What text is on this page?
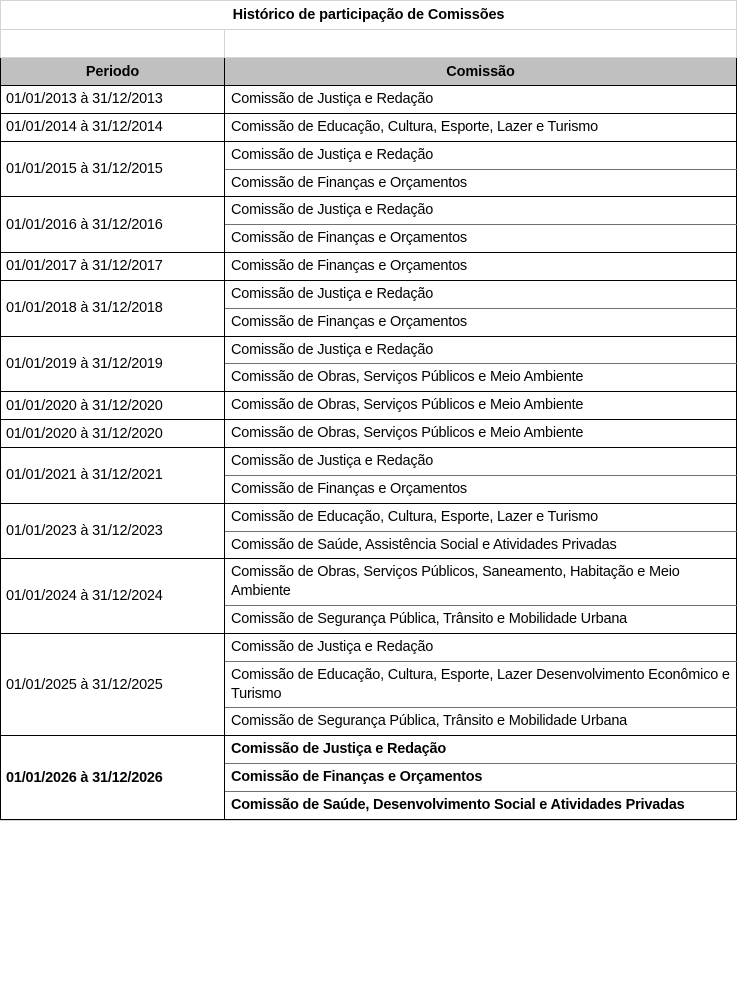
Histórico de participação de Comissões	

Periodo	Comissão
01/01/2013 à 31/12/2013	Comissão de Justiça e Redação
01/01/2014 à 31/12/2014	Comissão de Educação, Cultura, Esporte, Lazer e Turismo
01/01/2015 à 31/12/2015	Comissão de Justiça e Redação
	Comissão de Finanças e Orçamentos
01/01/2016 à 31/12/2016	Comissão de Justiça e Redação
	Comissão de Finanças e Orçamentos
01/01/2017 à 31/12/2017	Comissão de Finanças e Orçamentos
01/01/2018 à 31/12/2018	Comissão de Justiça e Redação
	Comissão de Finanças e Orçamentos
01/01/2019 à 31/12/2019	Comissão de Justiça e Redação
	Comissão de Obras, Serviços Públicos e Meio Ambiente
01/01/2020 à 31/12/2020	Comissão de Obras, Serviços Públicos e Meio Ambiente
01/01/2020 à 31/12/2020	Comissão de Obras, Serviços Públicos e Meio Ambiente
01/01/2021 à 31/12/2021	Comissão de Justiça e Redação
	Comissão de Finanças e Orçamentos
01/01/2023 à 31/12/2023	Comissão de Educação, Cultura, Esporte, Lazer e Turismo
	Comissão de Saúde, Assistência Social e Atividades Privadas
01/01/2024 à 31/12/2024	Comissão de Obras, Serviços Públicos, Saneamento, Habitação e Meio Ambiente
	Comissão de Segurança Pública, Trânsito e Mobilidade Urbana
01/01/2025 à 31/12/2025	Comissão de Justiça e Redação
	Comissão de Educação, Cultura, Esporte, Lazer Desenvolvimento Econômico e Turismo
	Comissão de Segurança Pública, Trânsito e Mobilidade Urbana
01/01/2026 à 31/12/2026	Comissão de Justiça e Redação
	Comissão de Finanças e Orçamentos
	Comissão de Saúde, Desenvolvimento Social e Atividades Privadas
